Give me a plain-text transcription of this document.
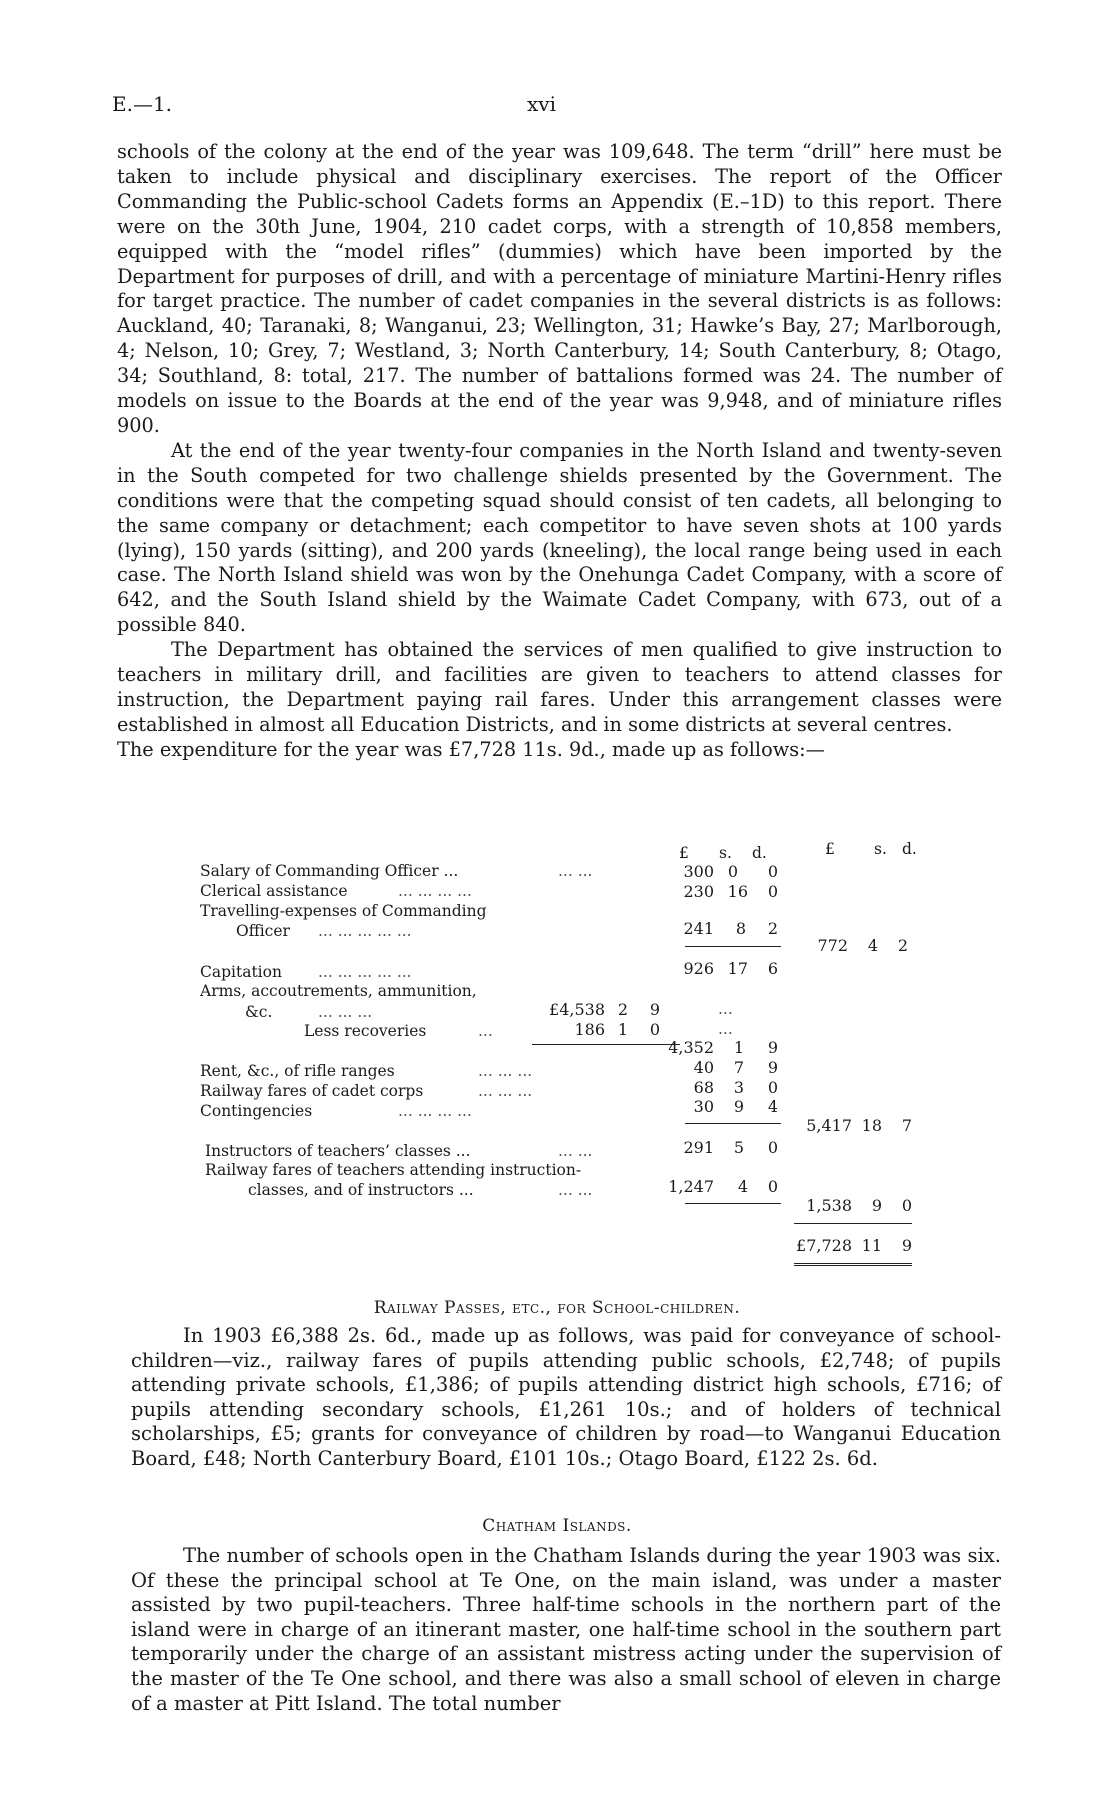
E.—1.	xvi

schools of the colony at the end of the year was 109,648. The term “drill” here must be taken to include physical and disciplinary exercises. The report of the Officer Commanding the Public-school Cadets forms an Appendix (E.–1D) to this report. There were on the 30th June, 1904, 210 cadet corps, with a strength of 10,858 members, equipped with the “model rifles” (dummies) which have been imported by the Department for purposes of drill, and with a percentage of miniature Martini-Henry rifles for target practice. The number of cadet companies in the several districts is as follows: Auckland, 40; Taranaki, 8; Wanganui, 23; Wellington, 31; Hawke’s Bay, 27; Marlborough, 4; Nelson, 10; Grey, 7; Westland, 3; North Canterbury, 14; South Canterbury, 8; Otago, 34; Southland, 8: total, 217. The number of battalions formed was 24. The number of models on issue to the Boards at the end of the year was 9,948, and of miniature rifles 900.

At the end of the year twenty-four companies in the North Island and twenty-seven in the South competed for two challenge shields presented by the Government. The conditions were that the competing squad should consist of ten cadets, all belonging to the same company or detachment; each competitor to have seven shots at 100 yards (lying), 150 yards (sitting), and 200 yards (kneeling), the local range being used in each case. The North Island shield was won by the Onehunga Cadet Company, with a score of 642, and the South Island shield by the Waimate Cadet Company, with 673, out of a possible 840.

The Department has obtained the services of men qualified to give instruction to teachers in military drill, and facilities are given to teachers to attend classes for instruction, the Department paying rail fares. Under this arrangement classes were established in almost all Education Districts, and in some districts at several centres.

The expenditure for the year was £7,728 11s. 9d., made up as follows:—

£ s. d.	£	s. d.
Salary of Commanding Officer ...	... ...	300 0 0
Clerical assistance	... ... ... ...	230 16 0
Travelling-expenses of Commanding
Officer ... ... ... ... ...	241 8 2
772 4 2
Capitation ... ... ... ... ...	926 17 6
Arms, accoutrements, ammunition,
&c.	... ... ...	£4,538 2 9	...
Less recoveries	...	186 1 0	...
4,352 1 9
Rent, &c., of rifle ranges	... ... ...	40 7 9
Railway fares of cadet corps	... ... ...	68 3 0
Contingencies	... ... ... ...	30 9 4
5,417 18 7
Instructors of teachers’ classes ...	... ...	291 5 0
Railway fares of teachers attending instruction-
classes, and of instructors ...	... ...	1,247 4 0
1,538 9 0
£7,728 11 9
Railway Passes, etc., for School-children.

In 1903 £6,388 2s. 6d., made up as follows, was paid for conveyance of school-children—viz., railway fares of pupils attending public schools, £2,748; of pupils attending private schools, £1,386; of pupils attending district high schools, £716; of pupils attending secondary schools, £1,261 10s.; and of holders of technical scholarships, £5; grants for conveyance of children by road—to Wanganui Education Board, £48; North Canterbury Board, £101 10s.; Otago Board, £122 2s. 6d.

Chatham Islands.

The number of schools open in the Chatham Islands during the year 1903 was six. Of these the principal school at Te One, on the main island, was under a master assisted by two pupil-teachers. Three half-time schools in the northern part of the island were in charge of an itinerant master, one half-time school in the southern part temporarily under the charge of an assistant mistress acting under the supervision of the master of the Te One school, and there was also a small school of eleven in charge of a master at Pitt Island. The total number
